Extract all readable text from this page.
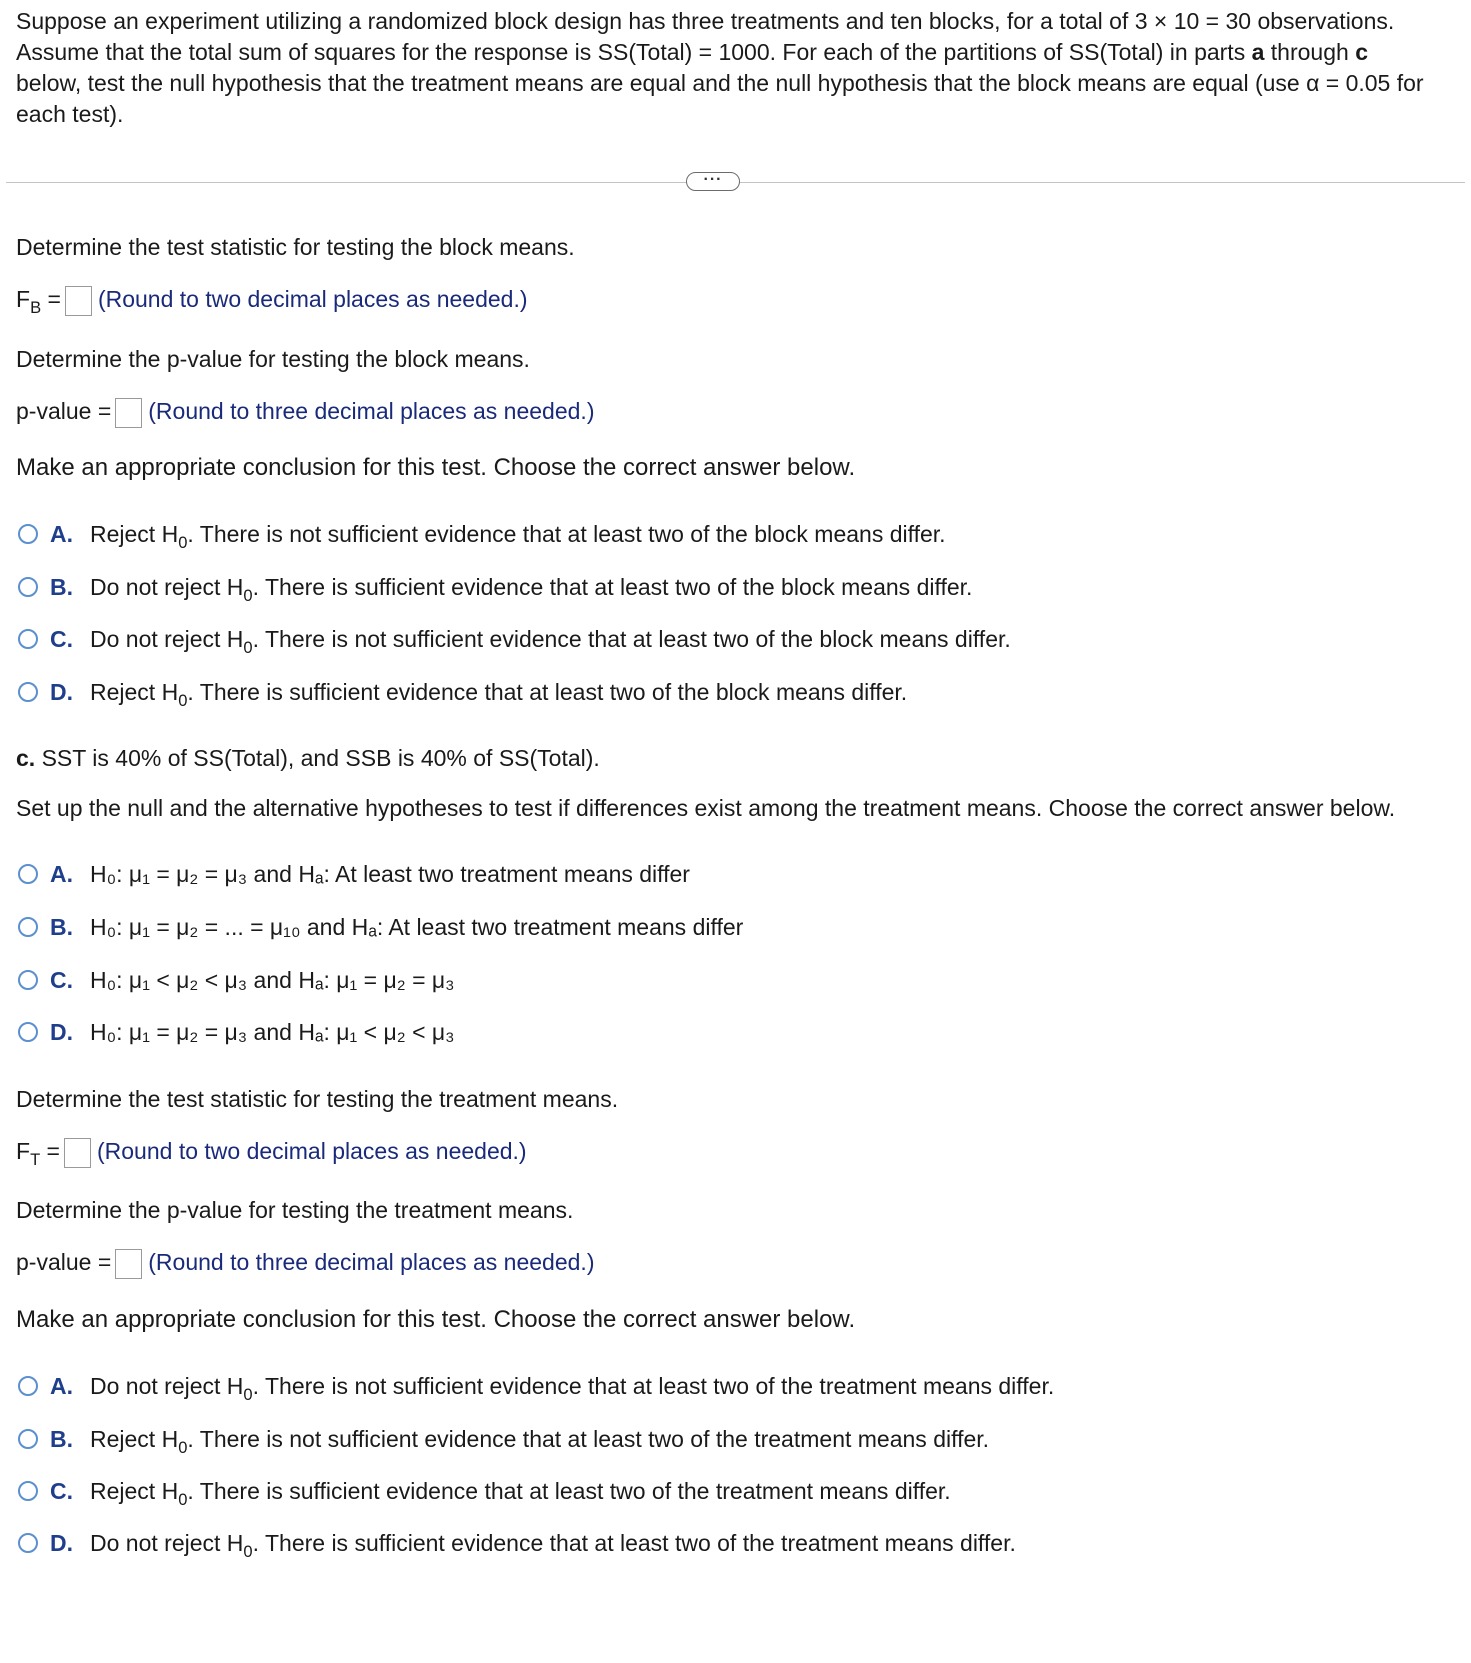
Suppose an experiment utilizing a randomized block design has three treatments and ten blocks, for a total of 3 × 10 = 30 observations.
Assume that the total sum of squares for the response is SS(Total) = 1000. For each of the partitions of SS(Total) in parts a through c
below, test the null hypothesis that the treatment means are equal and the null hypothesis that the block means are equal (use α = 0.05 for
each test).
···
Determine the test statistic for testing the block means.
$F_B$ = (Round to two decimal places as needed.)
Determine the p-value for testing the block means.
p-value = (Round to three decimal places as needed.)
Make an appropriate conclusion for this test. Choose the correct answer below.
A. Reject $H_0$. There is not sufficient evidence that at least two of the block means differ.
B. Do not reject $H_0$. There is sufficient evidence that at least two of the block means differ.
C. Do not reject $H_0$. There is not sufficient evidence that at least two of the block means differ.
D. Reject $H_0$. There is sufficient evidence that at least two of the block means differ.
c. SST is 40% of SS(Total), and SSB is 40% of SS(Total).
Set up the null and the alternative hypotheses to test if differences exist among the treatment means. Choose the correct answer below.
A. H₀: μ₁ = μ₂ = μ₃ and Hₐ: At least two treatment means differ
B. H₀: μ₁ = μ₂ = ... = μ₁₀ and Hₐ: At least two treatment means differ
C. H₀: μ₁ < μ₂ < μ₃ and Hₐ: μ₁ = μ₂ = μ₃
D. H₀: μ₁ = μ₂ = μ₃ and Hₐ: μ₁ < μ₂ < μ₃
Determine the test statistic for testing the treatment means.
$F_T$ = (Round to two decimal places as needed.)
Determine the p-value for testing the treatment means.
p-value = (Round to three decimal places as needed.)
Make an appropriate conclusion for this test. Choose the correct answer below.
A. Do not reject $H_0$. There is not sufficient evidence that at least two of the treatment means differ.
B. Reject $H_0$. There is not sufficient evidence that at least two of the treatment means differ.
C. Reject $H_0$. There is sufficient evidence that at least two of the treatment means differ.
D. Do not reject $H_0$. There is sufficient evidence that at least two of the treatment means differ.
